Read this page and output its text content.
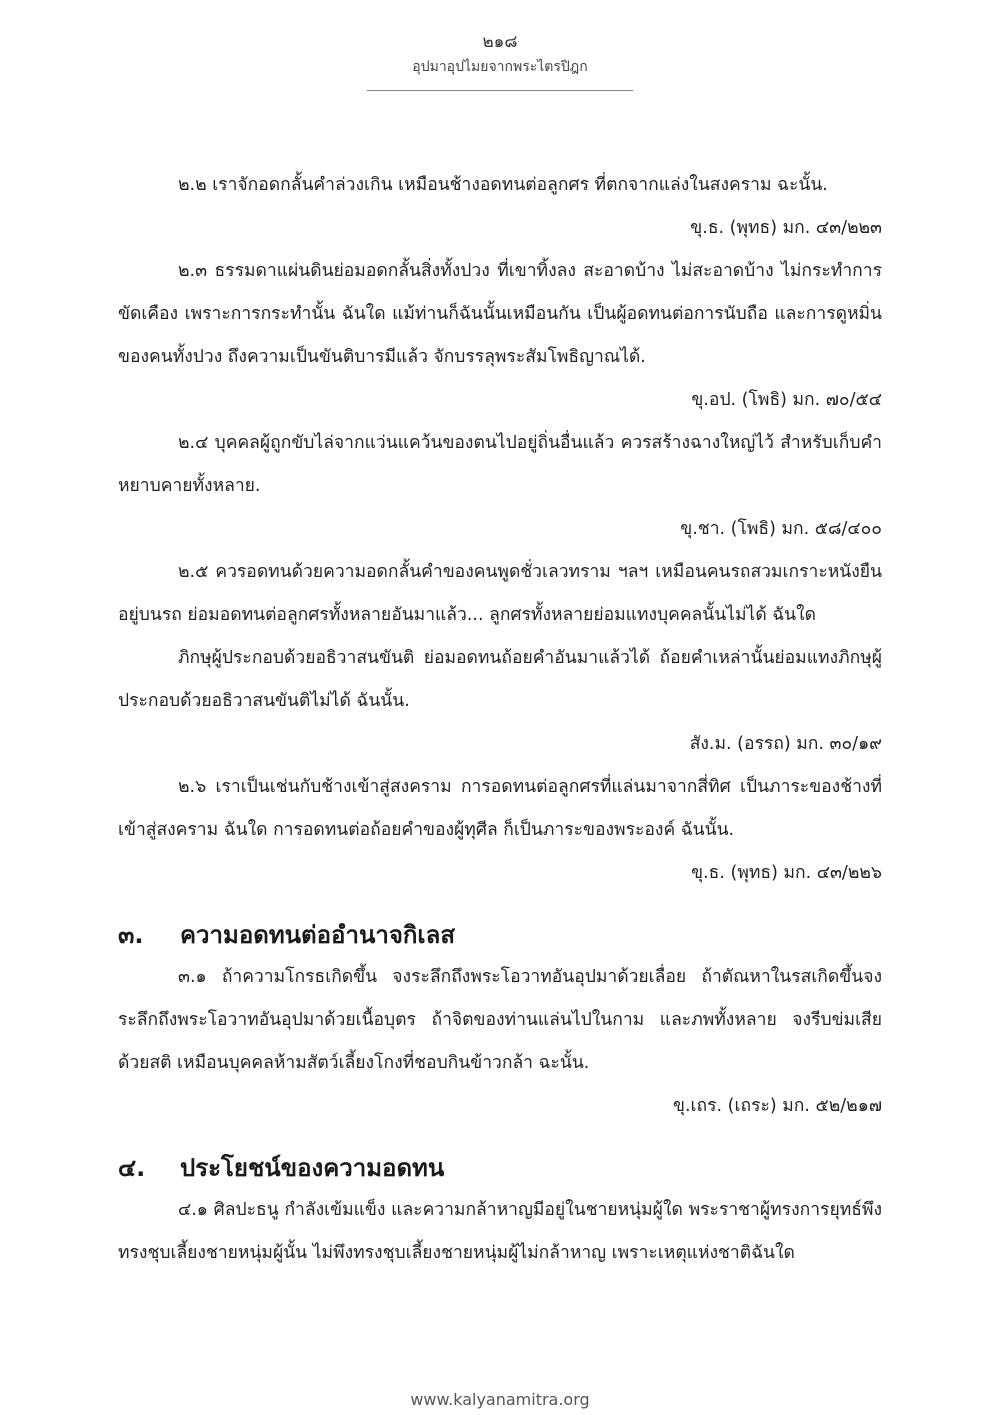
๒๑๘
อุปมาอุปไมยจากพระไตรปิฎก

๒.๒ เราจักอดกลั้นคำล่วงเกิน เหมือนช้างอดทนต่อลูกศร ที่ตกจากแล่งในสงคราม ฉะนั้น.

ขุ.ธ. (พุทธ) มก. ๔๓/๒๒๓

๒.๓ ธรรมดาแผ่นดินย่อมอดกลั้นสิ่งทั้งปวง ที่เขาทิ้งลง สะอาดบ้าง ไม่สะอาดบ้าง ไม่กระทำการขัดเคือง เพราะการกระทำนั้น ฉันใด แม้ท่านก็ฉันนั้นเหมือนกัน เป็นผู้อดทนต่อการนับถือ และการดูหมิ่นของคนทั้งปวง ถึงความเป็นขันติบารมีแล้ว จักบรรลุพระสัมโพธิญาณได้.

ขุ.อป. (โพธิ) มก. ๗๐/๕๔

๒.๔ บุคคลผู้ถูกขับไล่จากแว่นแคว้นของตนไปอยู่ถิ่นอื่นแล้ว ควรสร้างฉางใหญ่ไว้ สำหรับเก็บคำหยาบคายทั้งหลาย.

ขุ.ชา. (โพธิ) มก. ๕๘/๔๐๐

๒.๕ ควรอดทนด้วยความอดกลั้นคำของคนพูดชั่วเลวทราม ฯลฯ เหมือนคนรถสวมเกราะหนังยืนอยู่บนรถ ย่อมอดทนต่อลูกศรทั้งหลายอันมาแล้ว... ลูกศรทั้งหลายย่อมแทงบุคคลนั้นไม่ได้ ฉันใด

ภิกษุผู้ประกอบด้วยอธิวาสนขันติ ย่อมอดทนถ้อยคำอันมาแล้วได้ ถ้อยคำเหล่านั้นย่อมแทงภิกษุผู้ประกอบด้วยอธิวาสนขันติไม่ได้ ฉันนั้น.

สัง.ม. (อรรถ) มก. ๓๐/๑๙

๒.๖ เราเป็นเช่นกับช้างเข้าสู่สงคราม การอดทนต่อลูกศรที่แล่นมาจากสี่ทิศ เป็นภาระของช้างที่เข้าสู่สงคราม ฉันใด การอดทนต่อถ้อยคำของผู้ทุศีล ก็เป็นภาระของพระองค์ ฉันนั้น.

ขุ.ธ. (พุทธ) มก. ๔๓/๒๒๖

๓.	ความอดทนต่ออำนาจกิเลส

๓.๑ ถ้าความโกรธเกิดขึ้น จงระลึกถึงพระโอวาทอันอุปมาด้วยเลื่อย ถ้าตัณหาในรสเกิดขึ้นจงระลึกถึงพระโอวาทอันอุปมาด้วยเนื้อบุตร ถ้าจิตของท่านแล่นไปในกาม และภพทั้งหลาย จงรีบข่มเสียด้วยสติ เหมือนบุคคลห้ามสัตว์เลี้ยงโกงที่ชอบกินข้าวกล้า ฉะนั้น.

ขุ.เถร. (เถระ) มก. ๕๒/๒๑๗

๔.	ประโยชน์ของความอดทน

๔.๑ ศิลปะธนู กำลังเข้มแข็ง และความกล้าหาญมีอยู่ในชายหนุ่มผู้ใด พระราชาผู้ทรงการยุทธ์พึงทรงชุบเลี้ยงชายหนุ่มผู้นั้น ไม่พึงทรงชุบเลี้ยงชายหนุ่มผู้ไม่กล้าหาญ เพราะเหตุแห่งชาติฉันใด

www.kalyanamitra.org
